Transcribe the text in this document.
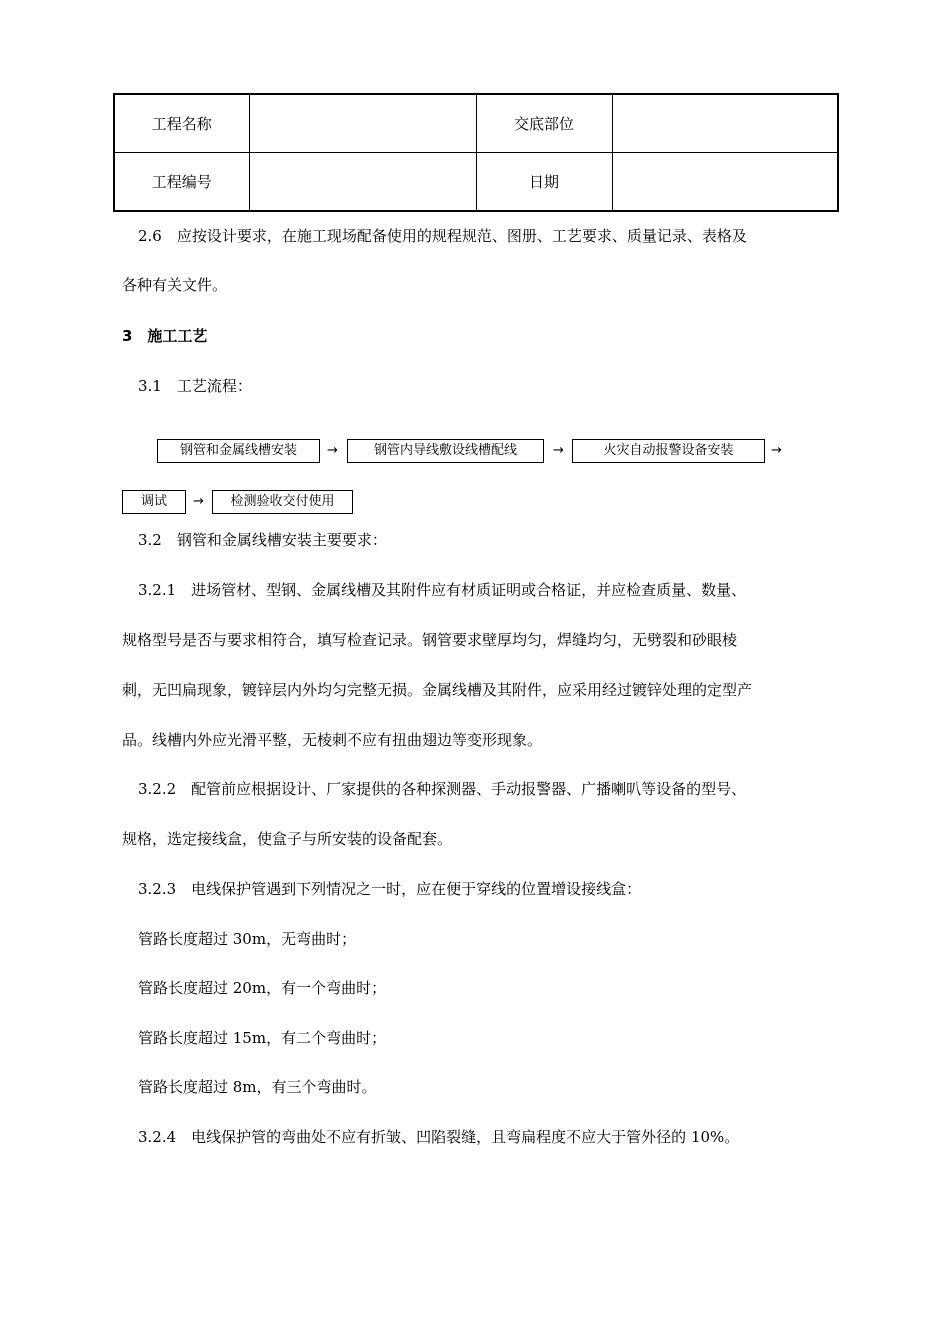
工程名称		交底部位	
工程编号		日期	
2.6　应按设计要求，在施工现场配备使用的规程规范、图册、工艺要求、质量记录、表格及
各种有关文件。
3　施工工艺
3.1　工艺流程：
钢管和金属线槽安装	→	钢管内导线敷设线槽配线	→	火灾自动报警设备安装	→
调试	→	检测验收交付使用
3.2　钢管和金属线槽安装主要要求：
3.2.1　进场管材、型钢、金属线槽及其附件应有材质证明或合格证，并应检查质量、数量、
规格型号是否与要求相符合，填写检查记录。钢管要求壁厚均匀，焊缝均匀，无劈裂和砂眼棱
刺，无凹扁现象，镀锌层内外均匀完整无损。金属线槽及其附件，应采用经过镀锌处理的定型产
品。线槽内外应光滑平整，无棱刺不应有扭曲翅边等变形现象。
3.2.2　配管前应根据设计、厂家提供的各种探测器、手动报警器、广播喇叭等设备的型号、
规格，选定接线盒，使盒子与所安装的设备配套。
3.2.3　电线保护管遇到下列情况之一时，应在便于穿线的位置增设接线盒：
管路长度超过 30m，无弯曲时；
管路长度超过 20m，有一个弯曲时；
管路长度超过 15m，有二个弯曲时；
管路长度超过 8m，有三个弯曲时。
3.2.4　电线保护管的弯曲处不应有折皱、凹陷裂缝，且弯扁程度不应大于管外径的 10%。
